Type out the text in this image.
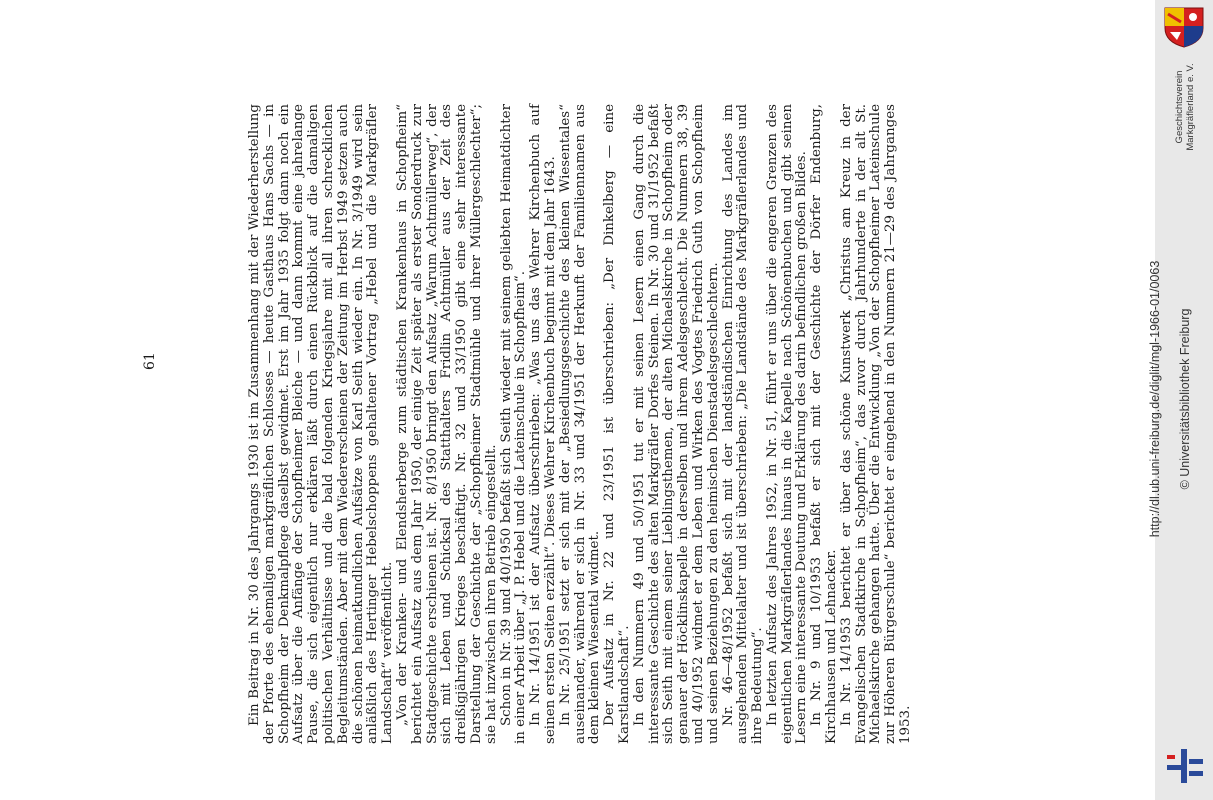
61	Ein Beitrag in Nr. 30 des Jahrgangs 1930 ist im Zusammenhang mit der Wiederherstellung der Pforte des ehemaligen markgräflichen Schlosses — heute Gasthaus Hans Sachs — in Schopfheim der Denkmalpflege daselbst gewidmet. Erst im Jahr 1935 folgt dann noch ein Aufsatz über die Anfänge der Schopfheimer Bleiche — und dann kommt eine jahrelange Pause, die sich eigentlich nur erklären läßt durch einen Rückblick auf die damaligen politischen Verhältnisse und die bald folgenden Kriegsjahre mit all ihren schrecklichen Begleitumständen. Aber mit dem Wiedererscheinen der Zeitung im Herbst 1949 setzen auch die schönen heimatkundlichen Aufsätze von Karl Seith wieder ein. In Nr. 3/1949 wird sein anläßlich des Hertinger Hebelschoppens gehaltener Vortrag „Hebel und die Markgräfler Landschaft“ veröffentlicht. „Von der Kranken- und Elendsherberge zum städtischen Krankenhaus in Schopfheim“ berichtet ein Aufsatz aus dem Jahr 1950, der einige Zeit später als erster Sonderdruck zur Stadtgeschichte erschienen ist. Nr. 8/1950 bringt den Aufsatz „Warum Achtmüllerweg“, der sich mit Leben und Schicksal des Statthalters Fridlin Achtmüller aus der Zeit des dreißigjährigen Krieges beschäftigt. Nr. 32 und 33/1950 gibt eine sehr interessante Darstellung der Geschichte der „Schopfheimer Stadtmühle und ihrer Müllergeschlechter“; sie hat inzwischen ihren Betrieb eingestellt. Schon in Nr. 39 und 40/1950 befaßt sich Seith wieder mit seinem geliebten Heimatdichter in einer Arbeit über „J. P. Hebel und die Lateinschule in Schopfheim“. In Nr. 14/1951 ist der Aufsatz überschrieben: „Was uns das Wehrer Kirchenbuch auf seinen ersten Seiten erzählt“. Dieses Wehrer Kirchenbuch beginnt mit dem Jahr 1643. In Nr. 25/1951 setzt er sich mit der „Besiedlungsgeschichte des kleinen Wiesentales“ auseinander, während er sich in Nr. 33 und 34/1951 der Herkunft der Familiennamen aus dem kleinen Wiesental widmet. Der Aufsatz in Nr. 22 und 23/1951 ist überschrieben: „Der Dinkelberg — eine Karstlandschaft“. In den Nummern 49 und 50/1951 tut er mit seinen Lesern einen Gang durch die interessante Geschichte des alten Markgräfler Dorfes Steinen. In Nr. 30 und 31/1952 befaßt sich Seith mit einem seiner Lieblingsthemen, der alten Michaelskirche in Schopfheim oder genauer der Höcklinskapelle in derselben und ihrem Adelsgeschlecht. Die Nummern 38, 39 und 40/1952 widmet er dem Leben und Wirken des Vogtes Friedrich Guth von Schopfheim und seinen Beziehungen zu den heimischen Dienstadelsgeschlechtern. Nr. 46—48/1952 befaßt sich mit der landständischen Einrichtung des Landes im ausgehenden Mittelalter und ist überschrieben: „Die Landstände des Markgräflerlandes und ihre Bedeutung“. In letzten Aufsatz des Jahres 1952, in Nr. 51, führt er uns über die engeren Grenzen des eigentlichen Markgräflerlandes hinaus in die Kapelle nach Schönenbuchen und gibt seinen Lesern eine interessante Deutung und Erklärung des darin befindlichen großen Bildes. In Nr. 9 und 10/1953 befaßt er sich mit der Geschichte der Dörfer Endenburg, Kirchhausen und Lehnacker. In Nr. 14/1953 berichtet er über das schöne Kunstwerk „Christus am Kreuz in der Evangelischen Stadtkirche in Schopfheim“, das zuvor durch Jahrhunderte in der alt St. Michaelskirche gehangen hatte. Über die Entwicklung „Von der Schopfheimer Lateinschule zur Höheren Bürgerschule“ berichtet er eingehend in den Nummern 21—29 des Jahrganges 1953.

Geschichtsverein Markgräflerland e. V.
http://dl.ub.uni-freiburg.de/diglit/mgl-1966-01/0063 © Universitätsbibliothek Freiburg
